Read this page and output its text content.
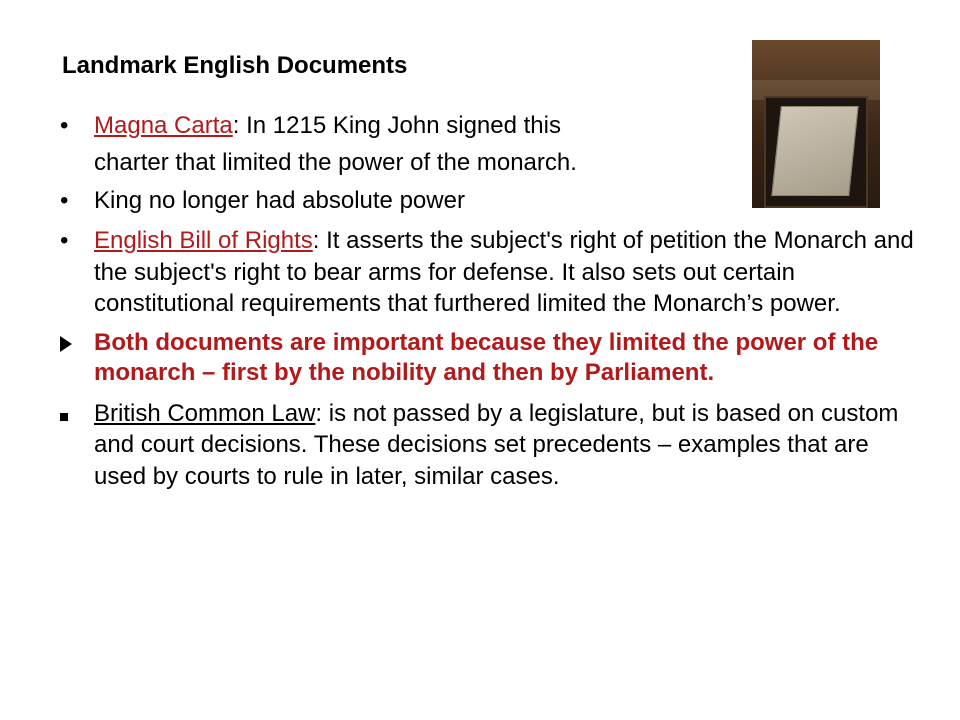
Landmark English Documents
•	Magna Carta: In 1215 King John signed this
charter that limited the power of the monarch.
•	King no longer had absolute power
•	English Bill of Rights: It asserts the subject's right of petition the Monarch and the subject's right to bear arms for defense. It also sets out certain constitutional requirements that furthered limited the Monarch’s power.
Both documents are important because they limited the power of the monarch – first by the nobility and then by Parliament.
British Common Law: is not passed by a legislature, but is based on custom and court decisions. These decisions set precedents – examples that are used by courts to rule in later, similar cases.
